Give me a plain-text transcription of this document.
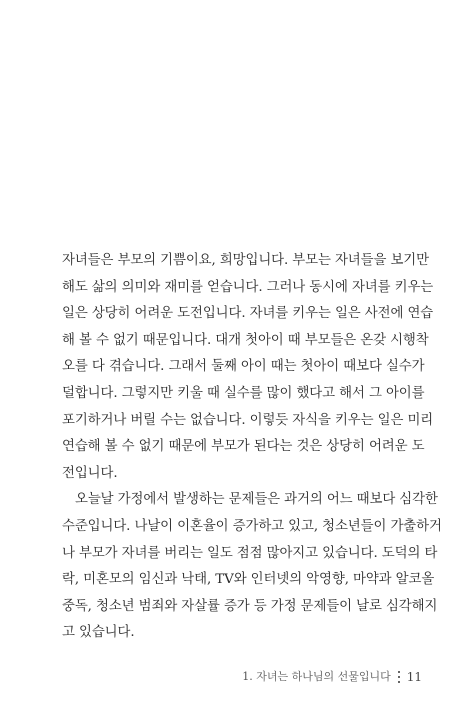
자녀들은 부모의 기쁨이요, 희망입니다. 부모는 자녀들을 보기만
해도 삶의 의미와 재미를 얻습니다. 그러나 동시에 자녀를 키우는
일은 상당히 어려운 도전입니다. 자녀를 키우는 일은 사전에 연습
해 볼 수 없기 때문입니다. 대개 첫아이 때 부모들은 온갖 시행착
오를 다 겪습니다. 그래서 둘째 아이 때는 첫아이 때보다 실수가
덜합니다. 그렇지만 키울 때 실수를 많이 했다고 해서 그 아이를
포기하거나 버릴 수는 없습니다. 이렇듯 자식을 키우는 일은 미리
연습해 볼 수 없기 때문에 부모가 된다는 것은 상당히 어려운 도
전입니다.
오늘날 가정에서 발생하는 문제들은 과거의 어느 때보다 심각한
수준입니다. 나날이 이혼율이 증가하고 있고, 청소년들이 가출하거
나 부모가 자녀를 버리는 일도 점점 많아지고 있습니다. 도덕의 타
락, 미혼모의 임신과 낙태, TV와 인터넷의 악영향, 마약과 알코올
중독, 청소년 범죄와 자살률 증가 등 가정 문제들이 날로 심각해지
고 있습니다.
1. 자녀는 하나님의 선물입니다 11
